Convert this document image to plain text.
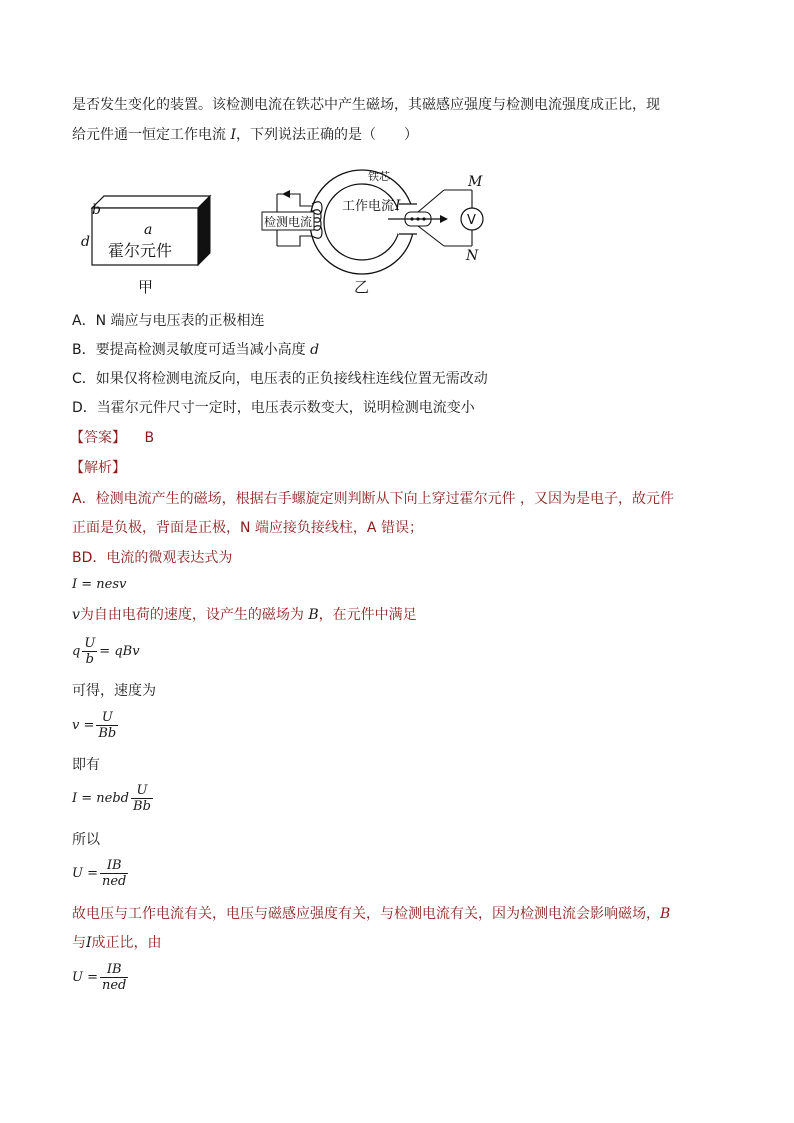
是否发生变化的装置。该检测电流在铁芯中产生磁场，其磁感应强度与检测电流强度成正比，现
给元件通一恒定工作电流 I，下列说法正确的是（　　）
b
a
d 霍尔元件
甲
检测电流
铁芯
工作电流 I
V
M
N
乙
A．N 端应与电压表的正极相连
B．要提高检测灵敏度可适当减小高度 d
C．如果仅将检测电流反向，电压表的正负接线柱连线位置无需改动
D．当霍尔元件尺寸一定时，电压表示数变大，说明检测电流变小
【答案】 B
【解析】
A．检测电流产生的磁场，根据右手螺旋定则判断从下向上穿过霍尔元件 ，又因为是电子，故元件
正面是负极，背面是正极，N 端应接负接线柱，A 错误；
BD．电流的微观表达式为
I = nesv
v为自由电荷的速度，设产生的磁场为 B，在元件中满足
q $\frac{U}{b}$ = qBv
可得，速度为
$v = \frac{U}{Bb}$
即有
I = nebd $\frac{U}{Bb}$
所以
$U = \frac{IB}{\text{ned}}$
故电压与工作电流有关，电压与磁感应强度有关，与检测电流有关，因为检测电流会影响磁场，B
与I成正比，由
$U = \frac{IB}{\text{ned}}$
